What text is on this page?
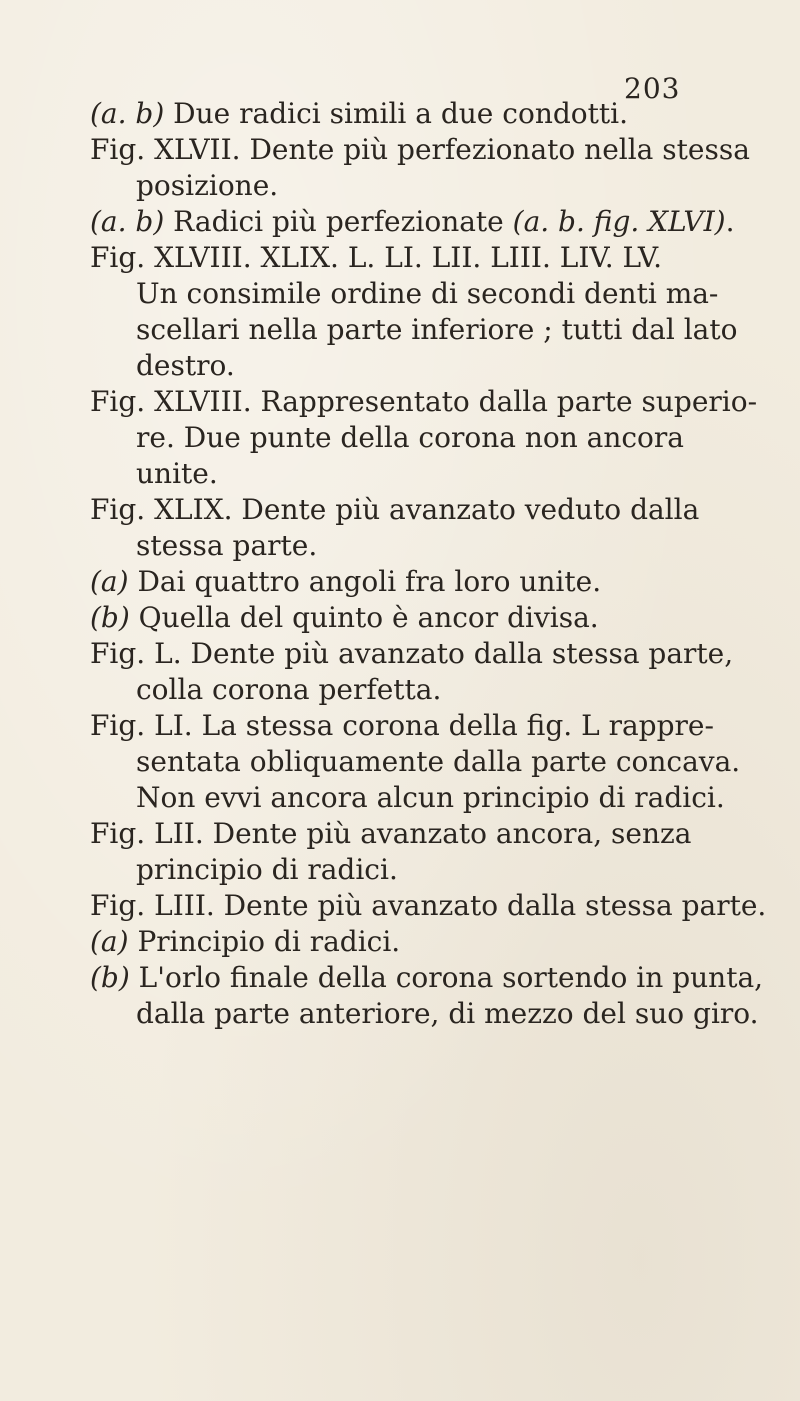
203
(a. b) Due radici simili a due condotti.
Fig. XLVII. Dente più perfezionato nella stessa
posizione.
(a. b) Radici più perfezionate (a. b. fig. XLVI).
Fig. XLVIII. XLIX. L. LI. LII. LIII. LIV. LV.
Un consimile ordine di secondi denti ma-
scellari nella parte inferiore ; tutti dal lato
destro.
Fig. XLVIII. Rappresentato dalla parte superio-
re. Due punte della corona non ancora
unite.
Fig. XLIX. Dente più avanzato veduto dalla
stessa parte.
(a) Dai quattro angoli fra loro unite.
(b) Quella del quinto è ancor divisa.
Fig. L. Dente più avanzato dalla stessa parte,
colla corona perfetta.
Fig. LI. La stessa corona della fig. L rappre-
sentata obliquamente dalla parte concava.
Non evvi ancora alcun principio di radici.
Fig. LII. Dente più avanzato ancora, senza
principio di radici.
Fig. LIII. Dente più avanzato dalla stessa parte.
(a) Principio di radici.
(b) L'orlo finale della corona sortendo in punta,
dalla parte anteriore, di mezzo del suo giro.
